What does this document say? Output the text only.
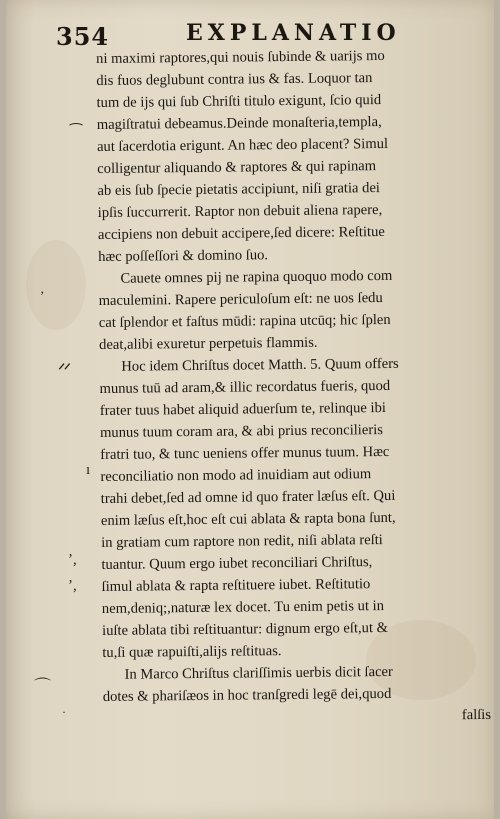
354	EXPLANATIO
⁀
ʼ
ᐟᐟ
ı
ʼ,
ʼ,
⌒
·
ni maximi raptores,qui nouis ſubinde & uarijs mo
dis fuos deglubunt contra ius & fas. Loquor tan
tum de ijs qui ſub Chriſti titulo exigunt, ſcio quid
magiſtratui debeamus.Deinde monaſteria,templa,
aut ſacerdotia erigunt. An hæc deo placent? Simul
colligentur aliquando & raptores & qui rapinam
ab eis ſub ſpecie pietatis accipiunt, niſi gratia dei
ipſis ſuccurrerit. Raptor non debuit aliena rapere,
accipiens non debuit accipere,ſed dicere: Reſtitue
hæc poſſeſſori & domino ſuo.
Cauete omnes pij ne rapina quoquo modo com
maculemini. Rapere periculoſum eſt: ne uos ſedu
cat ſplendor et faſtus mūdi: rapina utcūq; hic ſplen
deat,alibi exuretur perpetuis flammis.
Hoc idem Chriſtus docet Matth. 5. Quum offers
munus tuū ad aram,& illic recordatus fueris, quod
frater tuus habet aliquid aduerſum te, relinque ibi
munus tuum coram ara, & abi prius reconcilieris
fratri tuo, & tunc ueniens offer munus tuum. Hæc
reconciliatio non modo ad inuidiam aut odium
trahi debet,ſed ad omne id quo frater læſus eſt. Qui
enim læſus eſt,hoc eſt cui ablata & rapta bona ſunt,
in gratiam cum raptore non redit, niſi ablata reſti
tuantur. Quum ergo iubet reconciliari Chriſtus,
ſimul ablata & rapta reſtituere iubet. Reſtitutio
nem,deniq;,naturæ lex docet. Tu enim petis ut in
iuſte ablata tibi reſtituantur: dignum ergo eſt,ut &
tu,ſi quæ rapuiſti,alijs reſtituas.
In Marco Chriſtus clariſſimis uerbis dicit ſacer
dotes & phariſæos in hoc tranſgredi legē dei,quod
falſis
